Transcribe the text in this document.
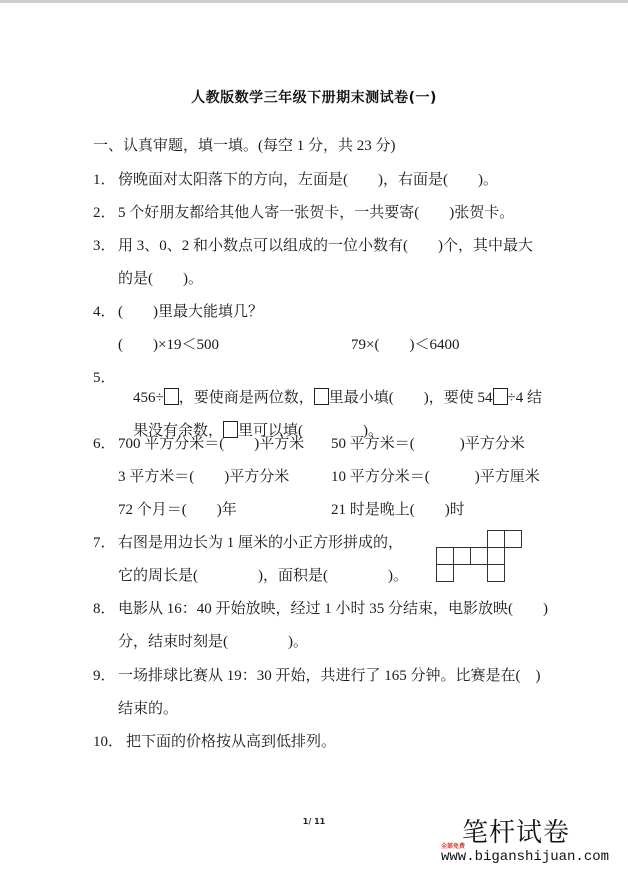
人教版数学三年级下册期末测试卷(一)
一、认真审题，填一填。(每空 1 分，共 23 分)
1． 傍晚面对太阳落下的方向，左面是(　　)，右面是(　　)。
2． 5 个好朋友都给其他人寄一张贺卡，一共要寄(　　)张贺卡。
3． 用 3、0、2 和小数点可以组成的一位小数有(　　)个，其中最大
的是(　　)。
4． (　　)里最大能填几？
(　　)×19＜500	79×(　　)＜6400
5．

456÷ ，要使商是两位数， 里最小填(　　)，要使 54 ÷4 结

果没有余数， 里可以填(　　　　)。

6． 700 平方分米＝(　　)平方米 50 平方米＝(　　　)平方分米
3 平方米＝(　　)平方分米	10 平方分米＝(　　　)平方厘米
72 个月＝(　　)年	21 时是晚上(　　)时
7． 右图是用边长为 1 厘米的小正方形拼成的，
它的周长是(　　　　)，面积是(　　　　)。
8． 电影从 16：40 开始放映，经过 1 小时 35 分结束，电影放映(　　)
分，结束时刻是(　　　　)。
9． 一场排球比赛从 19：30 开始，共进行了 165 分钟。比赛是在(　)
结束的。
10． 把下面的价格按从高到低排列。
1/ 11	笔杆试卷
全部免费
www.biganshijuan.com
